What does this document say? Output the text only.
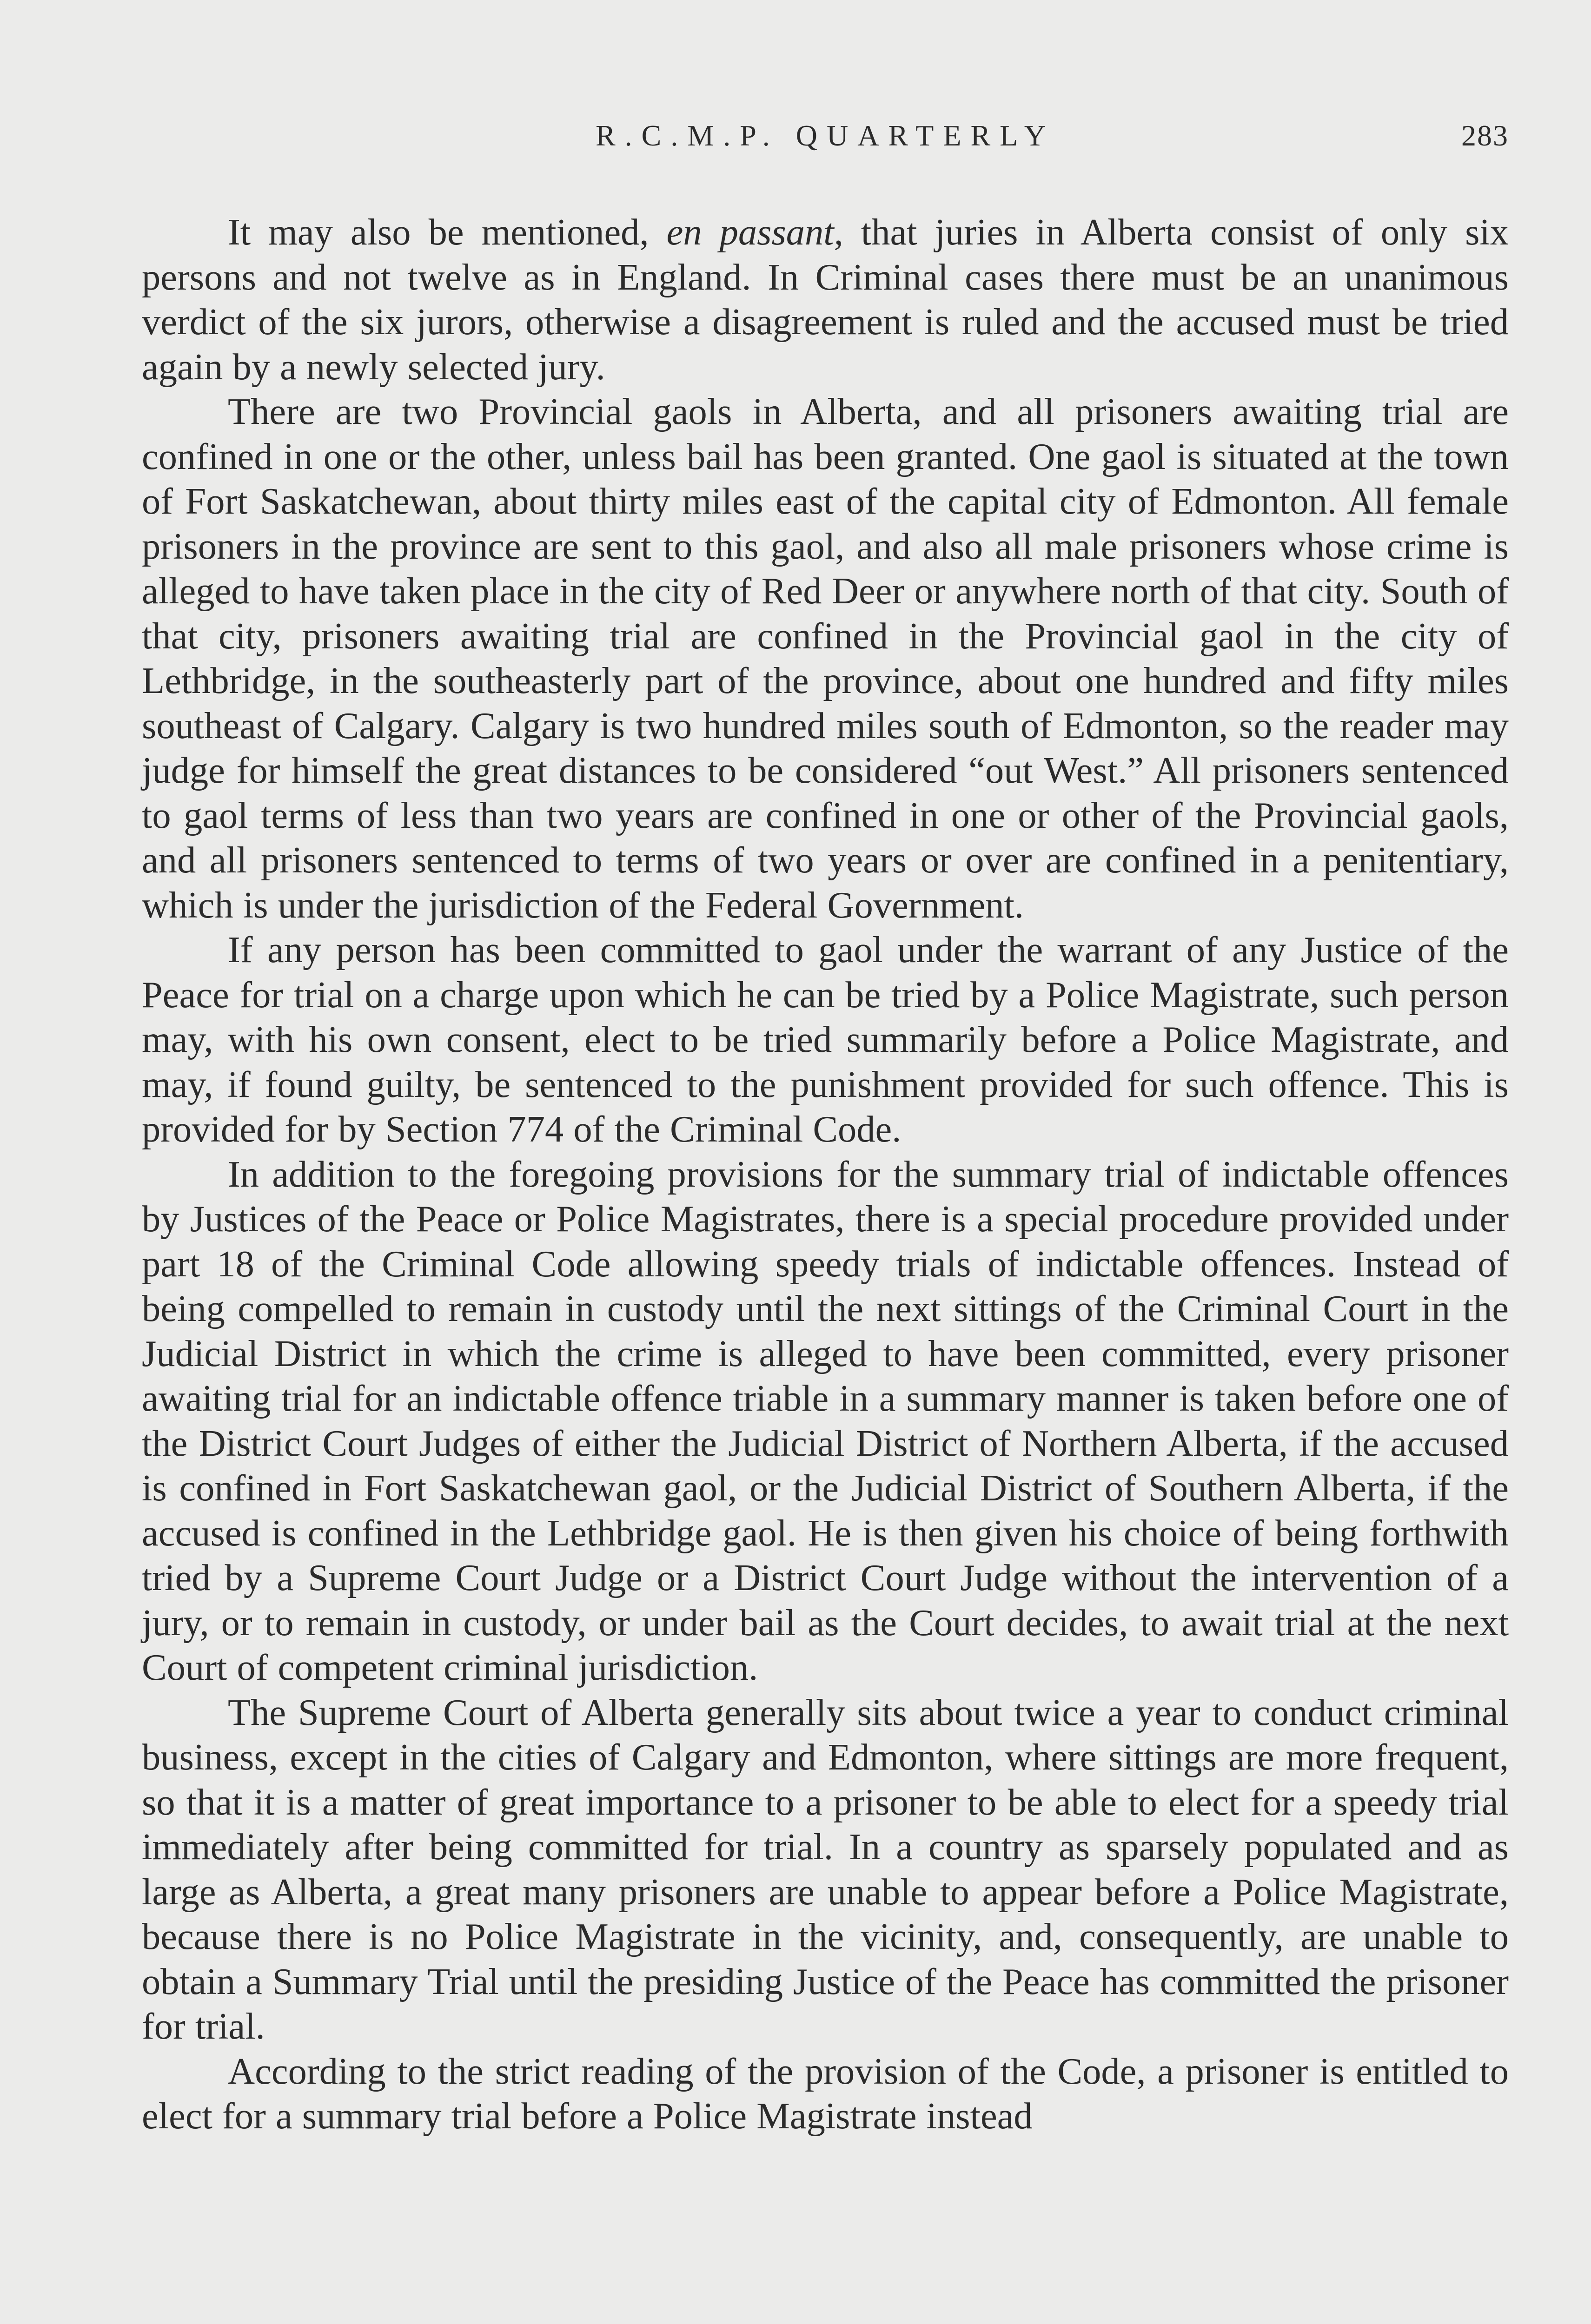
R.C.M.P. QUARTERLY	283

It may also be mentioned, en passant, that juries in Alberta consist of only six persons and not twelve as in England. In Criminal cases there must be an unanimous verdict of the six jurors, otherwise a disagreement is ruled and the accused must be tried again by a newly selected jury.

There are two Provincial gaols in Alberta, and all prisoners awaiting trial are confined in one or the other, unless bail has been granted. One gaol is situated at the town of Fort Saskatchewan, about thirty miles east of the capital city of Edmonton. All female prisoners in the province are sent to this gaol, and also all male prisoners whose crime is alleged to have taken place in the city of Red Deer or anywhere north of that city. South of that city, prisoners awaiting trial are confined in the Provincial gaol in the city of Lethbridge, in the southeasterly part of the province, about one hundred and fifty miles southeast of Calgary. Calgary is two hundred miles south of Edmonton, so the reader may judge for himself the great distances to be considered “out West.” All prisoners sentenced to gaol terms of less than two years are confined in one or other of the Provincial gaols, and all prisoners sentenced to terms of two years or over are confined in a penitentiary, which is under the jurisdiction of the Federal Government.

If any person has been committed to gaol under the warrant of any Justice of the Peace for trial on a charge upon which he can be tried by a Police Magistrate, such person may, with his own consent, elect to be tried summarily before a Police Magistrate, and may, if found guilty, be sentenced to the punishment provided for such offence. This is provided for by Section 774 of the Criminal Code.

In addition to the foregoing provisions for the summary trial of indictable offences by Justices of the Peace or Police Magistrates, there is a special procedure provided under part 18 of the Criminal Code allowing speedy trials of indictable offences. Instead of being compelled to remain in custody until the next sittings of the Criminal Court in the Judicial District in which the crime is alleged to have been committed, every prisoner awaiting trial for an indictable offence triable in a summary manner is taken before one of the District Court Judges of either the Judicial District of Northern Alberta, if the accused is confined in Fort Saskatchewan gaol, or the Judicial District of Southern Alberta, if the accused is confined in the Lethbridge gaol. He is then given his choice of being forthwith tried by a Supreme Court Judge or a District Court Judge without the intervention of a jury, or to remain in custody, or under bail as the Court decides, to await trial at the next Court of competent criminal jurisdiction.

The Supreme Court of Alberta generally sits about twice a year to conduct criminal business, except in the cities of Calgary and Edmonton, where sittings are more frequent, so that it is a matter of great importance to a prisoner to be able to elect for a speedy trial immediately after being committed for trial. In a country as sparsely populated and as large as Alberta, a great many prisoners are unable to appear before a Police Magistrate, because there is no Police Magistrate in the vicinity, and, consequently, are unable to obtain a Summary Trial until the presiding Justice of the Peace has committed the prisoner for trial.

According to the strict reading of the provision of the Code, a prisoner is entitled to elect for a summary trial before a Police Magistrate instead
